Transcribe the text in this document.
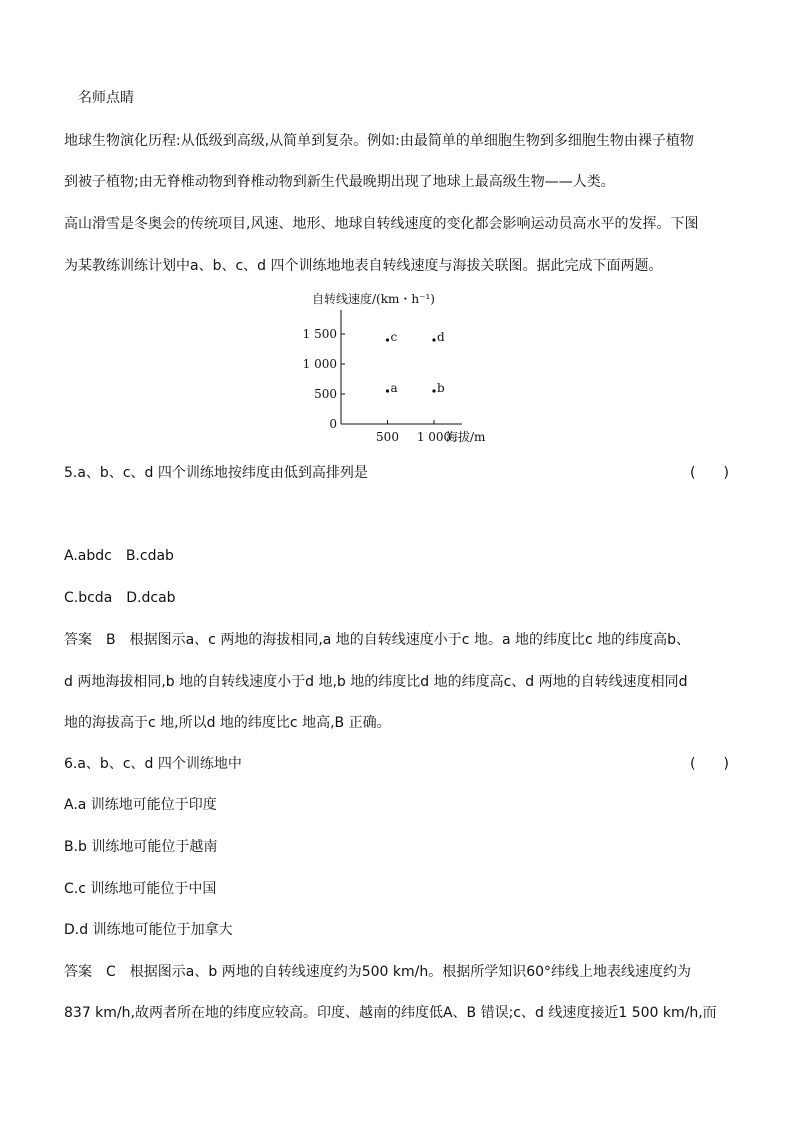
名师点睛
地球生物演化历程:从低级到高级,从简单到复杂。例如:由最简单的单细胞生物到多细胞生物由裸子植物
到被子植物;由无脊椎动物到脊椎动物到新生代最晚期出现了地球上最高级生物——人类。
高山滑雪是冬奥会的传统项目,风速、地形、地球自转线速度的变化都会影响运动员高水平的发挥。下图
为某教练训练计划中a、b、c、d 四个训练地地表自转线速度与海拔关联图。据此完成下面两题。
自转线速度/(km・h⁻¹)
海拔/m
0
500
1 000
1 500
500 1 000
a	b
c	d
5.a、b、c、d 四个训练地按纬度由低到高排列是	(　　)
A.abdc　B.cdab
C.bcda　D.dcab
答案　B　根据图示a、c 两地的海拔相同,a 地的自转线速度小于c 地。a 地的纬度比c 地的纬度高b、
d 两地海拔相同,b 地的自转线速度小于d 地,b 地的纬度比d 地的纬度高c、d 两地的自转线速度相同d
地的海拔高于c 地,所以d 地的纬度比c 地高,B 正确。
6.a、b、c、d 四个训练地中	(　　)
A.a 训练地可能位于印度
B.b 训练地可能位于越南
C.c 训练地可能位于中国
D.d 训练地可能位于加拿大
答案　C　根据图示a、b 两地的自转线速度约为500 km/h。根据所学知识60°纬线上地表线速度约为
837 km/h,故两者所在地的纬度应较高。印度、越南的纬度低A、B 错误;c、d 线速度接近1 500 km/h,而
